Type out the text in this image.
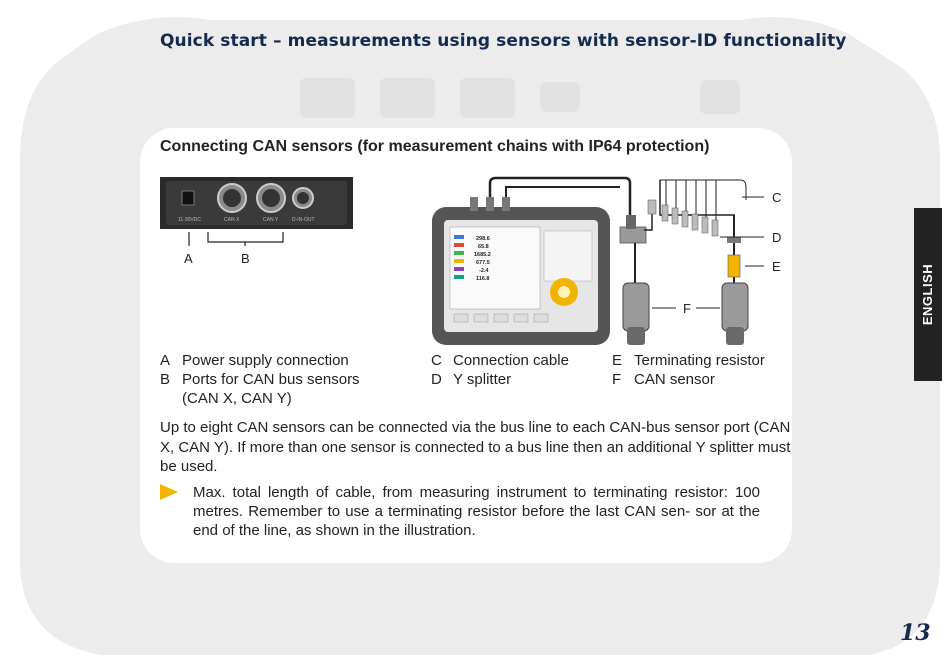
Quick start – measurements using sensors with sensor-ID functionality
Connecting CAN sensors (for measurement chains with IP64 protection)
ENGLISH
11-30VDC	CAN X	CAN Y	D-IN-OUT
A	B
298.6
65.8
1685.2
677.5
-2.4
116.8
C
D
E
F
A Power supply connection
B Ports for CAN bus sensors
(CAN X, CAN Y)
C Connection cable
D Y splitter
E Terminating resistor
F CAN sensor

Up to eight CAN sensors can be connected via the bus line to each CAN-bus sensor port (CAN X, CAN Y). If more than one sensor is connected to a bus line then an additional Y splitter must be used.

Max. total length of cable, from measuring instrument to terminating resistor: 100 metres. Remember to use a terminating resistor before the last CAN sen- sor at the end of the line, as shown in the illustration.

13
